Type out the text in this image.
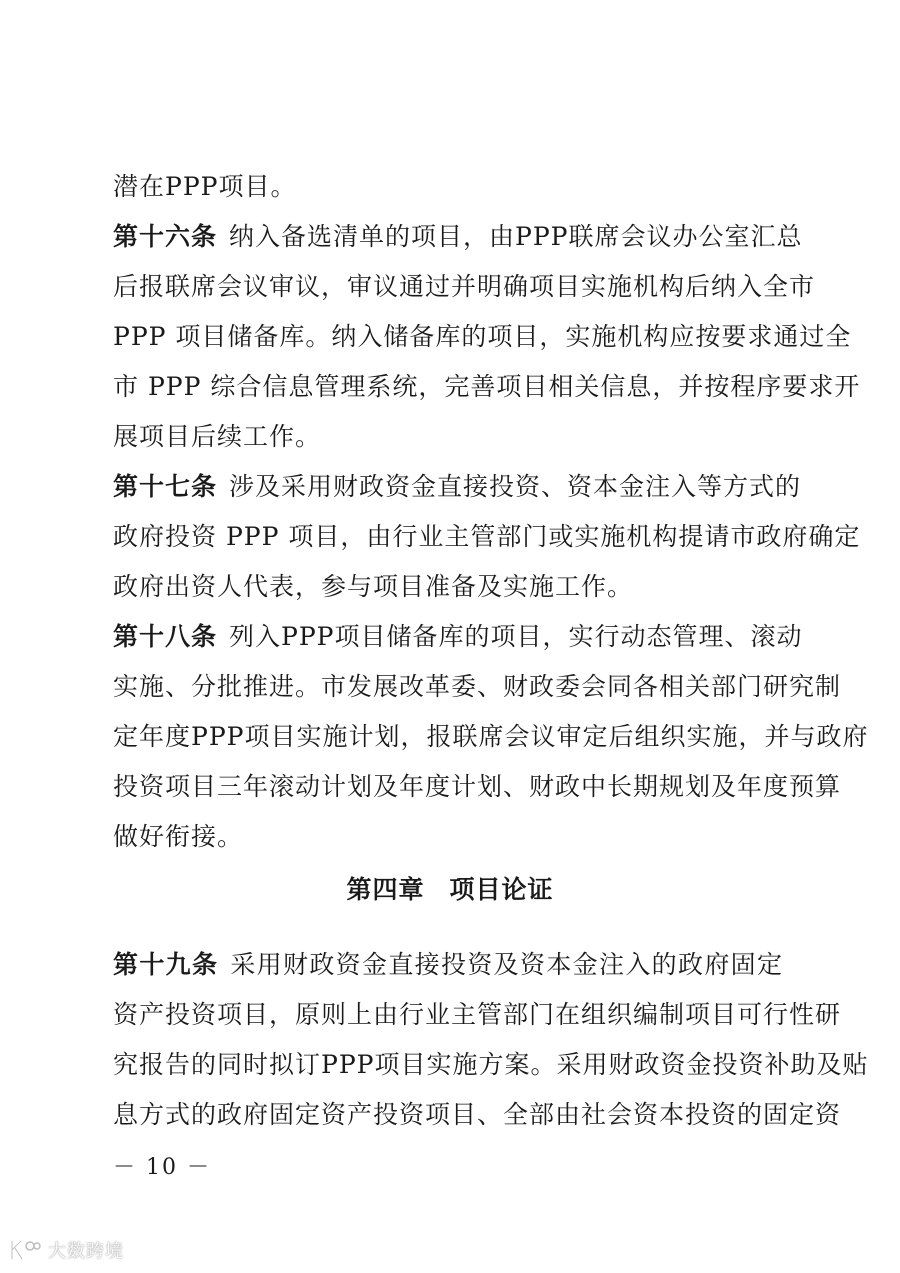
潜在PPP项目。
第十六条 纳入备选清单的项目，由PPP联席会议办公室汇总
后报联席会议审议，审议通过并明确项目实施机构后纳入全市
PPP 项目储备库。纳入储备库的项目，实施机构应按要求通过全
市 PPP 综合信息管理系统，完善项目相关信息，并按程序要求开
展项目后续工作。
第十七条 涉及采用财政资金直接投资、资本金注入等方式的
政府投资 PPP 项目，由行业主管部门或实施机构提请市政府确定
政府出资人代表，参与项目准备及实施工作。
第十八条 列入PPP项目储备库的项目，实行动态管理、滚动
实施、分批推进。市发展改革委、财政委会同各相关部门研究制
定年度PPP项目实施计划，报联席会议审定后组织实施，并与政府
投资项目三年滚动计划及年度计划、财政中长期规划及年度预算
做好衔接。
第四章 项目论证
第十九条 采用财政资金直接投资及资本金注入的政府固定
资产投资项目，原则上由行业主管部门在组织编制项目可行性研
究报告的同时拟订PPP项目实施方案。采用财政资金投资补助及贴
息方式的政府固定资产投资项目、全部由社会资本投资的固定资
－ 10 －
大数跨境
